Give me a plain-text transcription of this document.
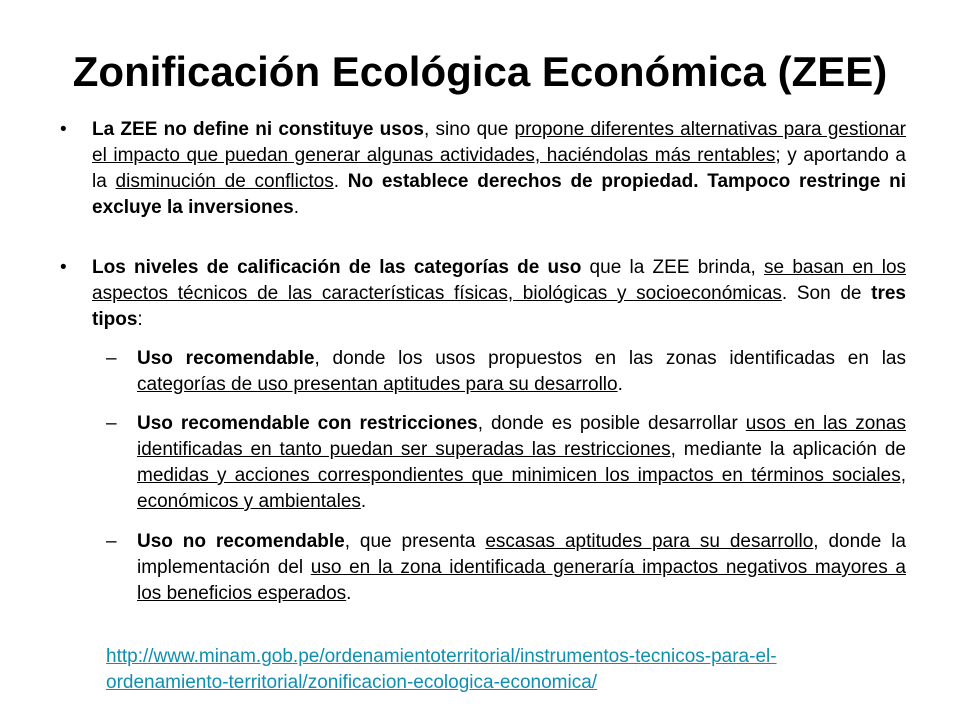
Zonificación Ecológica Económica (ZEE)

• La ZEE no define ni constituye usos, sino que propone diferentes alternativas para gestionar el impacto que puedan generar algunas actividades, haciéndolas más rentables; y aportando a la disminución de conflictos. No establece derechos de propiedad. Tampoco restringe ni excluye la inversiones.

• Los niveles de calificación de las categorías de uso que la ZEE brinda, se basan en los aspectos técnicos de las características físicas, biológicas y socioeconómicas. Son de tres tipos:

– Uso recomendable, donde los usos propuestos en las zonas identificadas en las categorías de uso presentan aptitudes para su desarrollo.

– Uso recomendable con restricciones, donde es posible desarrollar usos en las zonas identificadas en tanto puedan ser superadas las restricciones, mediante la aplicación de medidas y acciones correspondientes que minimicen los impactos en términos sociales, económicos y ambientales.

– Uso no recomendable, que presenta escasas aptitudes para su desarrollo, donde la implementación del uso en la zona identificada generaría impactos negativos mayores a los beneficios esperados.

http://www.minam.gob.pe/ordenamientoterritorial/instrumentos-tecnicos-para-el-
ordenamiento-territorial/zonificacion-ecologica-economica/
